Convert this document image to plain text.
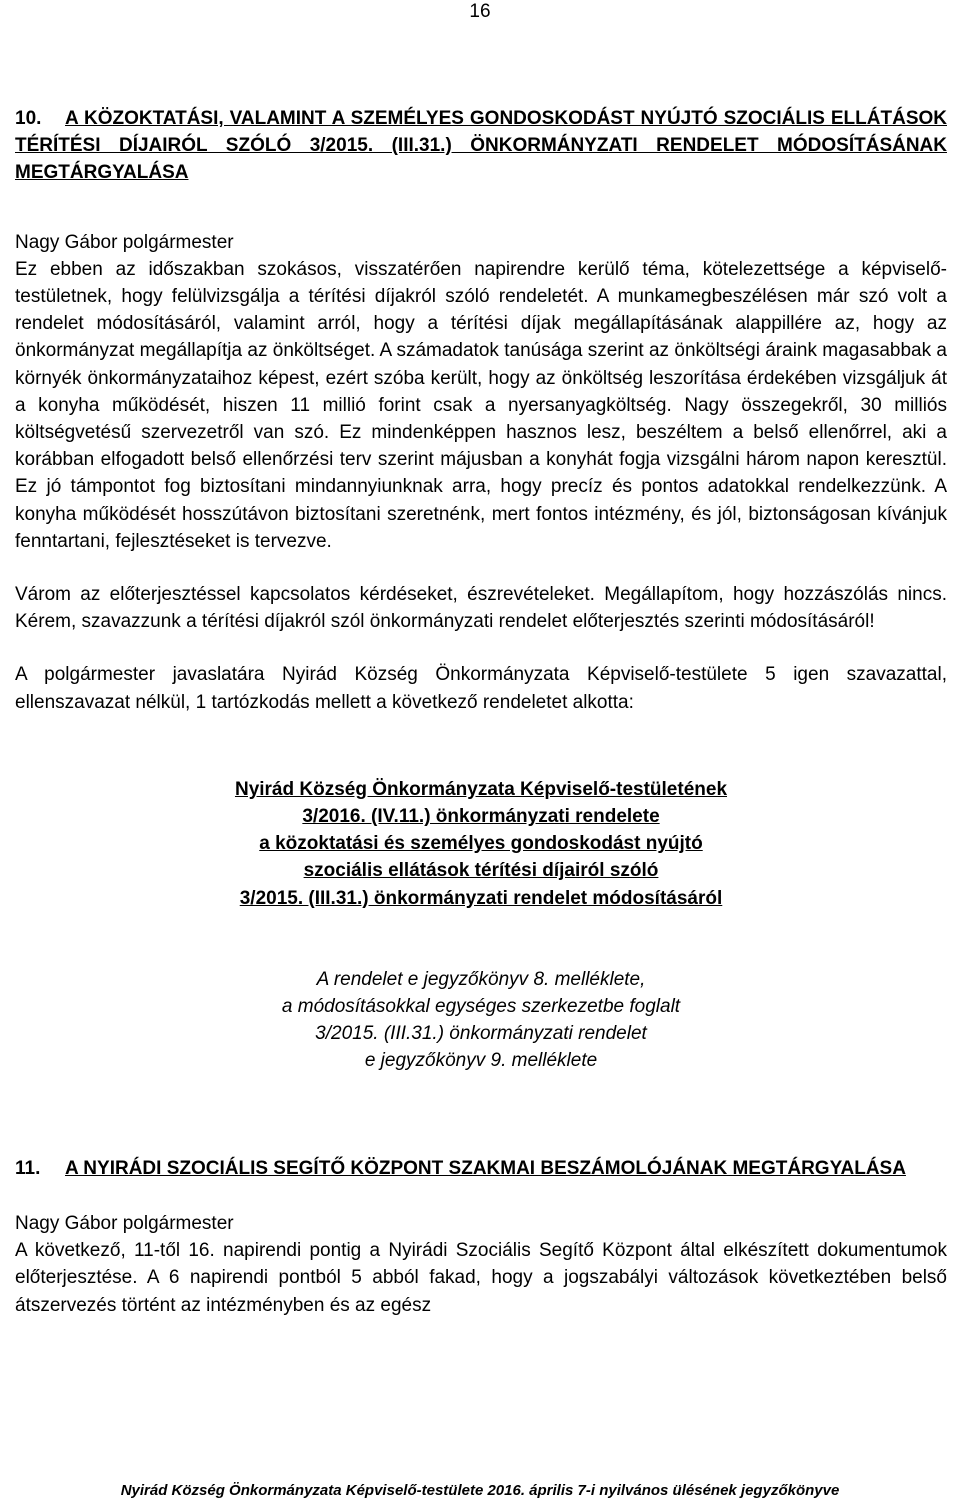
16

10. A KÖZOKTATÁSI, VALAMINT A SZEMÉLYES GONDOSKODÁST NYÚJTÓ SZOCIÁLIS ELLÁTÁSOK TÉRÍTÉSI DÍJAIRÓL SZÓLÓ 3/2015. (III.31.) ÖNKORMÁNYZATI RENDELET MÓDOSÍTÁSÁNAK MEGTÁRGYALÁSA

Nagy Gábor polgármester

Ez ebben az időszakban szokásos, visszatérően napirendre kerülő téma, kötelezettsége a képviselő-testületnek, hogy felülvizsgálja a térítési díjakról szóló rendeletét. A munkamegbeszélésen már szó volt a rendelet módosításáról, valamint arról, hogy a térítési díjak megállapításának alappillére az, hogy az önkormányzat megállapítja az önköltséget. A számadatok tanúsága szerint az önköltségi áraink magasabbak a környék önkormányzataihoz képest, ezért szóba került, hogy az önköltség leszorítása érdekében vizsgáljuk át a konyha működését, hiszen 11 millió forint csak a nyersanyagköltség. Nagy összegekről, 30 milliós költségvetésű szervezetről van szó. Ez mindenképpen hasznos lesz, beszéltem a belső ellenőrrel, aki a korábban elfogadott belső ellenőrzési terv szerint májusban a konyhát fogja vizsgálni három napon keresztül. Ez jó támpontot fog biztosítani mindannyiunknak arra, hogy precíz és pontos adatokkal rendelkezzünk. A konyha működését hosszútávon biztosítani szeretnénk, mert fontos intézmény, és jól, biztonságosan kívánjuk fenntartani, fejlesztéseket is tervezve.

Várom az előterjesztéssel kapcsolatos kérdéseket, észrevételeket. Megállapítom, hogy hozzászólás nincs. Kérem, szavazzunk a térítési díjakról szól önkormányzati rendelet előterjesztés szerinti módosításáról!

A polgármester javaslatára Nyirád Község Önkormányzata Képviselő-testülete 5 igen szavazattal, ellenszavazat nélkül, 1 tartózkodás mellett a következő rendeletet alkotta:

Nyirád Község Önkormányzata Képviselő-testületének
3/2016. (IV.11.) önkormányzati rendelete
a közoktatási és személyes gondoskodást nyújtó
szociális ellátások térítési díjairól szóló
3/2015. (III.31.) önkormányzati rendelet módosításáról

A rendelet e jegyzőkönyv 8. melléklete,
a módosításokkal egységes szerkezetbe foglalt
3/2015. (III.31.) önkormányzati rendelet
e jegyzőkönyv 9. melléklete

11. A NYIRÁDI SZOCIÁLIS SEGÍTŐ KÖZPONT SZAKMAI BESZÁMOLÓJÁNAK MEGTÁRGYALÁSA

Nagy Gábor polgármester

A következő, 11-től 16. napirendi pontig a Nyirádi Szociális Segítő Központ által elkészített dokumentumok előterjesztése. A 6 napirendi pontból 5 abból fakad, hogy a jogszabályi változások következtében belső átszervezés történt az intézményben és az egész

Nyirád Község Önkormányzata Képviselő-testülete 2016. április 7-i nyilvános ülésének jegyzőkönyve
